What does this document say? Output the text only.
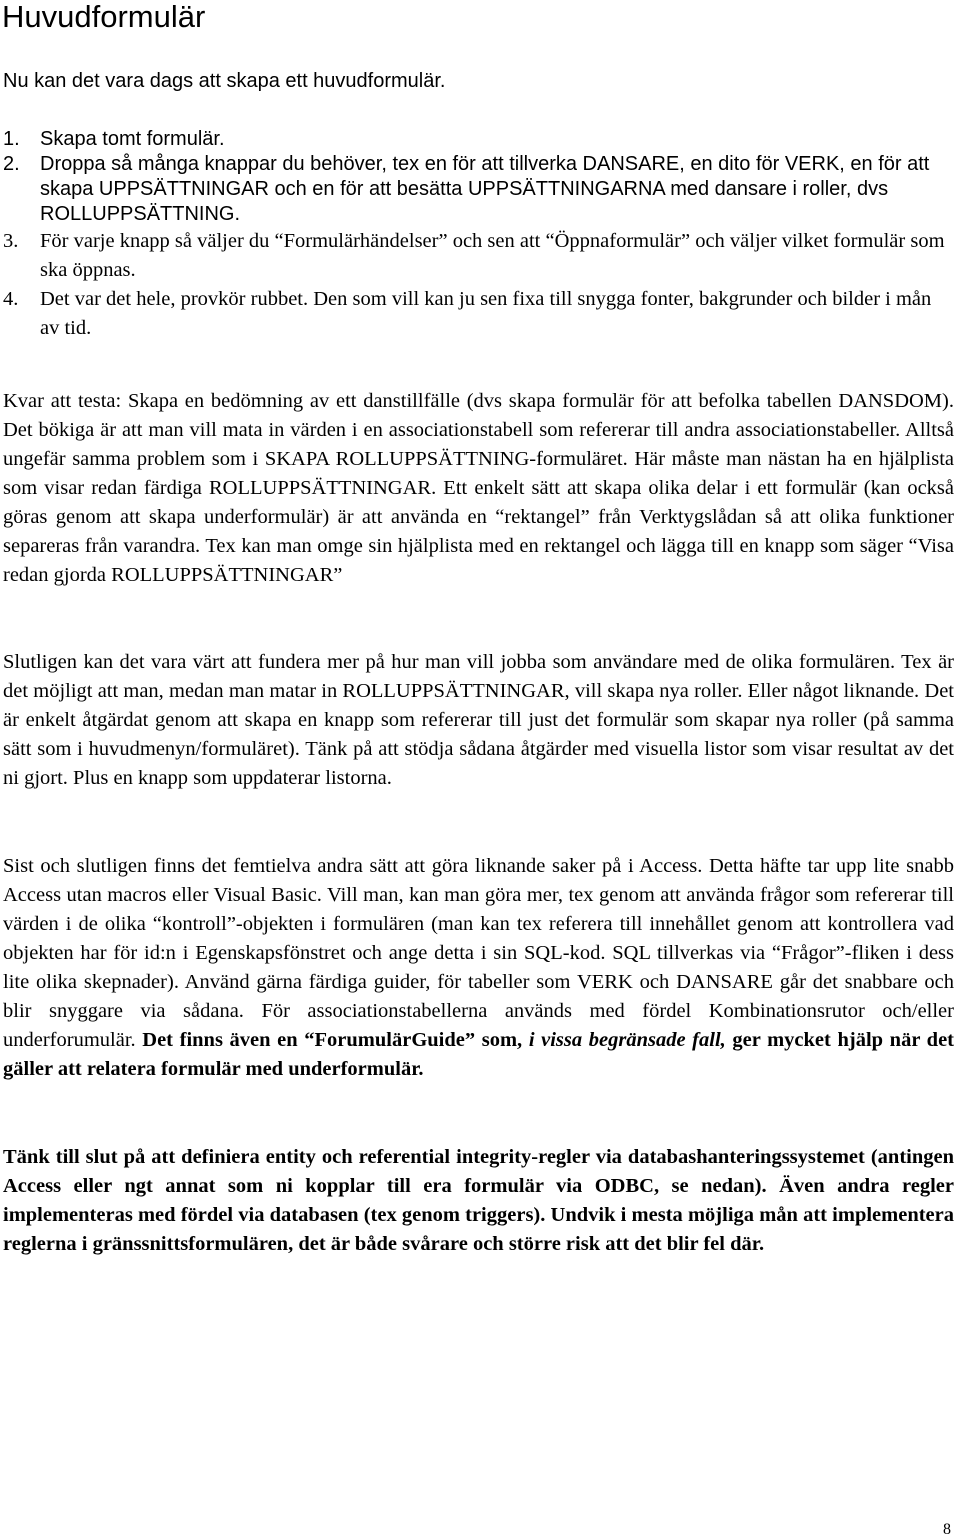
Huvudformulär

Nu kan det vara dags att skapa ett huvudformulär.

1. Skapa tomt formulär.
2. Droppa så många knappar du behöver, tex en för att tillverka DANSARE, en dito för VERK, en för att skapa UPPSÄTTNINGAR och en för att besätta UPPSÄTTNINGARNA med dansare i roller, dvs ROLLUPPSÄTTNING.
3. För varje knapp så väljer du “Formulärhändelser” och sen att “Öppnaformulär” och väljer vilket formulär som ska öppnas.
4. Det var det hele, provkör rubbet. Den som vill kan ju sen fixa till snygga fonter, bakgrunder och bilder i mån av tid.

Kvar att testa: Skapa en bedömning av ett danstillfälle (dvs skapa formulär för att befolka tabellen DANSDOM). Det bökiga är att man vill mata in värden i en associationstabell som refererar till andra associationstabeller. Alltså ungefär samma problem som i SKAPA ROLLUPPSÄTTNING-formuläret. Här måste man nästan ha en hjälplista som visar redan färdiga ROLLUPPSÄTTNINGAR. Ett enkelt sätt att skapa olika delar i ett formulär (kan också göras genom att skapa underformulär) är att använda en “rektangel” från Verktygslådan så att olika funktioner separeras från varandra. Tex kan man omge sin hjälplista med en rektangel och lägga till en knapp som säger “Visa redan gjorda ROLLUPPSÄTTNINGAR”

Slutligen kan det vara värt att fundera mer på hur man vill jobba som användare med de olika formulären. Tex är det möjligt att man, medan man matar in ROLLUPPSÄTTNINGAR, vill skapa nya roller. Eller något liknande. Det är enkelt åtgärdat genom att skapa en knapp som refererar till just det formulär som skapar nya roller (på samma sätt som i huvudmenyn/formuläret). Tänk på att stödja sådana åtgärder med visuella listor som visar resultat av det ni gjort. Plus en knapp som uppdaterar listorna.

Sist och slutligen finns det femtielva andra sätt att göra liknande saker på i Access. Detta häfte tar upp lite snabb Access utan macros eller Visual Basic. Vill man, kan man göra mer, tex genom att använda frågor som refererar till värden i de olika “kontroll”-objekten i formulären (man kan tex referera till innehållet genom att kontrollera vad objekten har för id:n i Egenskapsfönstret och ange detta i sin SQL-kod. SQL tillverkas via “Frågor”-fliken i dess lite olika skepnader). Använd gärna färdiga guider, för tabeller som VERK och DANSARE går det snabbare och blir snyggare via sådana. För associationstabellerna används med fördel Kombinationsrutor och/eller underforumulär. Det finns även en “ForumulärGuide” som, i vissa begränsade fall, ger mycket hjälp när det gäller att relatera formulär med underformulär.

Tänk till slut på att definiera entity och referential integrity-regler via databashanteringssystemet (antingen Access eller ngt annat som ni kopplar till era formulär via ODBC, se nedan). Även andra regler implementeras med fördel via databasen (tex genom triggers). Undvik i mesta möjliga mån att implementera reglerna i gränssnittsformulären, det är både svårare och större risk att det blir fel där.

8
